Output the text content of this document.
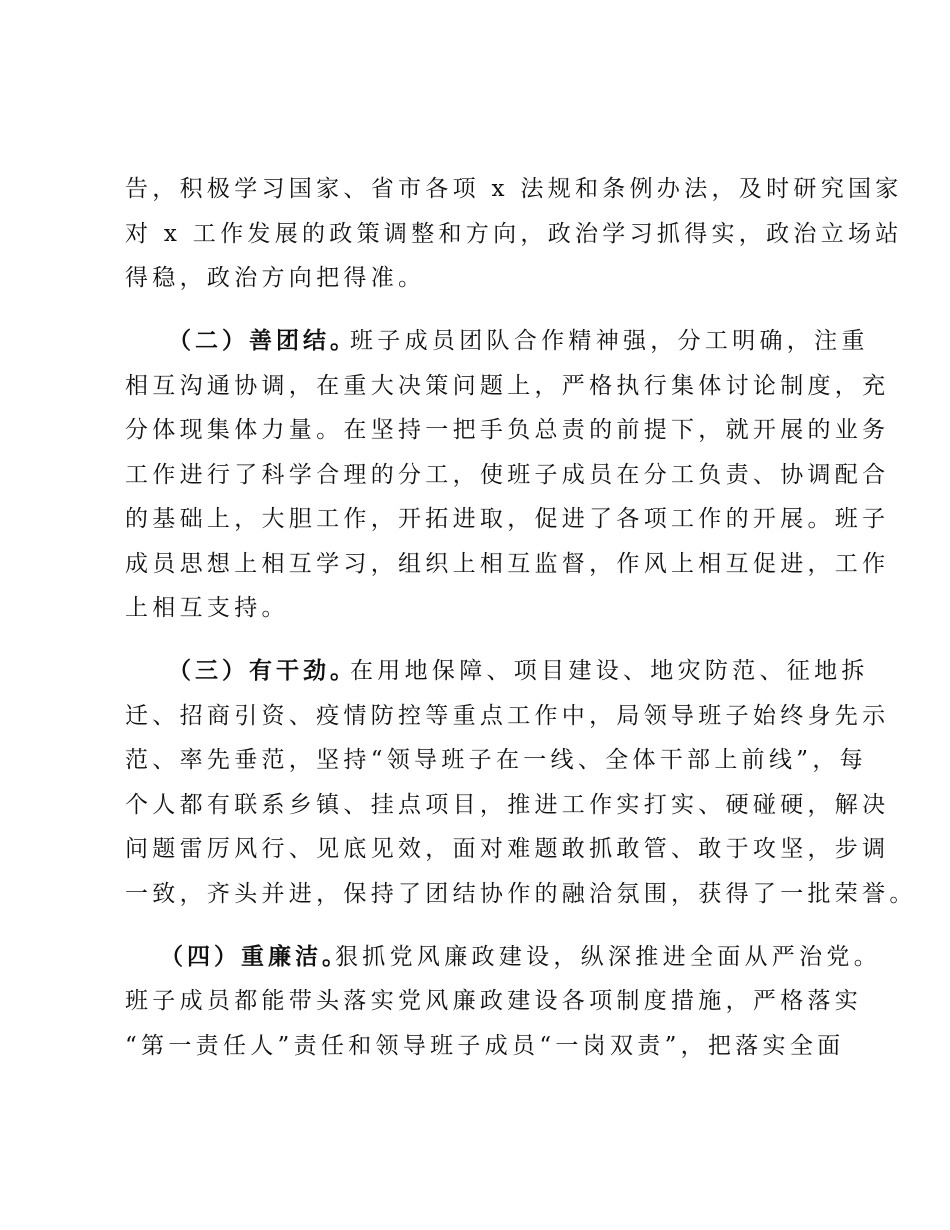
告，积极学习国家、省市各项 x 法规和条例办法，及时研究国家

对 x 工作发展的政策调整和方向，政治学习抓得实，政治立场站

得稳，政治方向把得准。

（二）善团结。

班子成员团队合作精神强，分工明确，注重

相互沟通协调，在重大决策问题上，严格执行集体讨论制度，充

分体现集体力量。在坚持一把手负总责的前提下，就开展的业务

工作进行了科学合理的分工，使班子成员在分工负责、协调配合

的基础上，大胆工作，开拓进取，促进了各项工作的开展。班子

成员思想上相互学习，组织上相互监督，作风上相互促进，工作

上相互支持。

（三）有干劲。

在用地保障、项目建设、地灾防范、征地拆

迁、招商引资、疫情防控等重点工作中，局领导班子始终身先示

范、率先垂范，坚持“领导班子在一线、全体干部上前线”，每

个人都有联系乡镇、挂点项目，推进工作实打实、硬碰硬，解决

问题雷厉风行、见底见效，面对难题敢抓敢管、敢于攻坚，步调

一致，齐头并进，保持了团结协作的融洽氛围，获得了一批荣誉。

（四）重廉洁。

狠抓党风廉政建设，纵深推进全面从严治党。

班子成员都能带头落实党风廉政建设各项制度措施，严格落实

“第一责任人”责任和领导班子成员“一岗双责”，把落实全面
